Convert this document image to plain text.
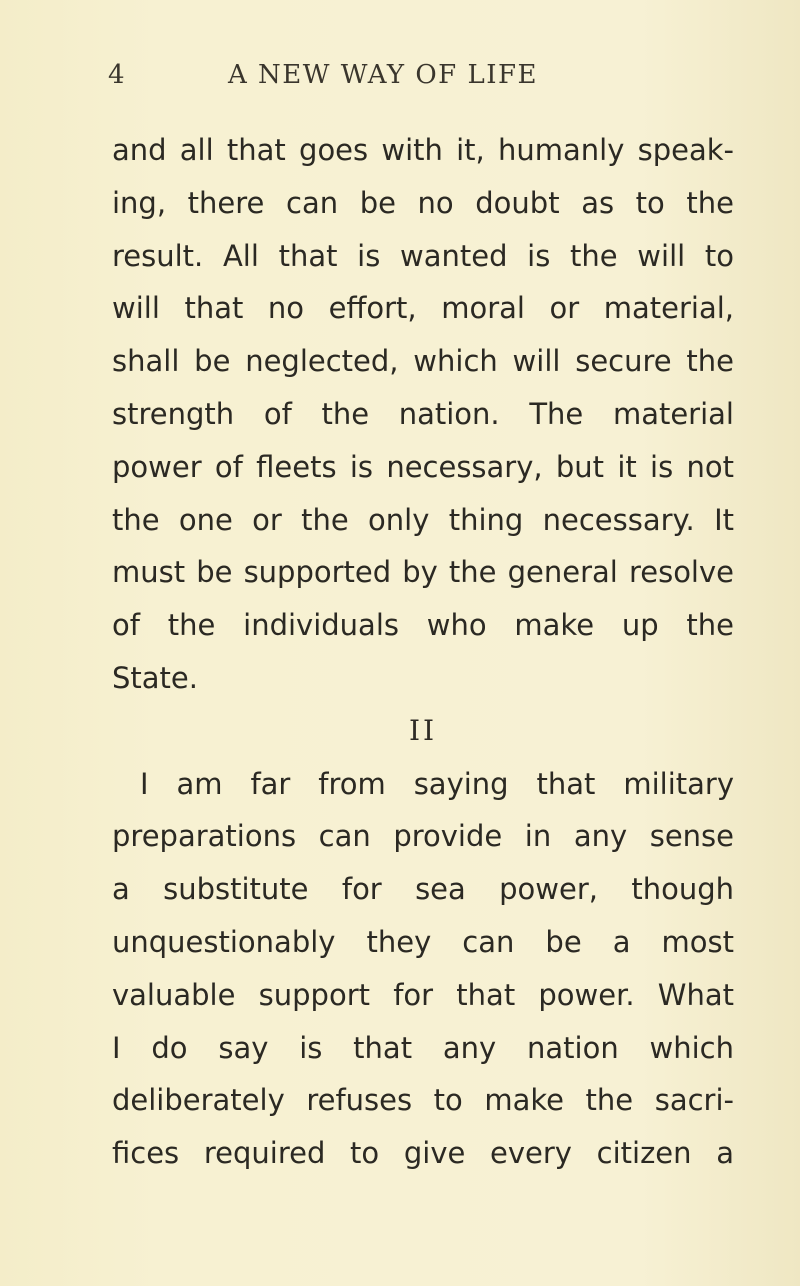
4	A NEW WAY OF LIFE
and all that goes with it, humanly speak-
ing, there can be no doubt as to the
result. All that is wanted is the will to
will that no effort, moral or material,
shall be neglected, which will secure the
strength of the nation. The material
power of fleets is necessary, but it is not
the one or the only thing necessary. It
must be supported by the general resolve
of the individuals who make up the
State.
II
I am far from saying that military
preparations can provide in any sense
a substitute for sea power, though
unquestionably they can be a most
valuable support for that power. What
I do say is that any nation which
deliberately refuses to make the sacri-
fices required to give every citizen a
